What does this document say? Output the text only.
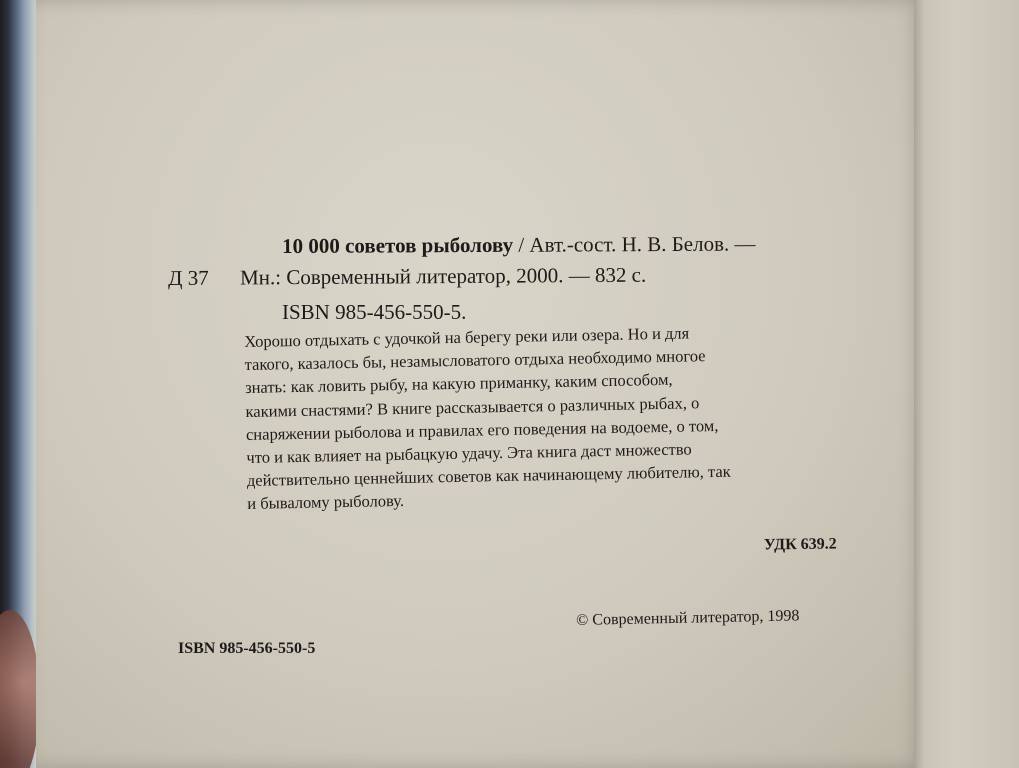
10 000 советов рыболову / Авт.-сост. Н. В. Белов. —
Д 37 Мн.: Современный литератор, 2000. — 832 с.
ISBN 985-456-550-5.
Хорошо отдыхать с удочкой на берегу реки или озера. Но и для
такого, казалось бы, незамысловатого отдыха необходимо многое
знать: как ловить рыбу, на какую приманку, каким способом,
какими снастями? В книге рассказывается о различных рыбах, о
снаряжении рыболова и правилах его поведения на водоеме, о том,
что и как влияет на рыбацкую удачу. Эта книга даст множество
действительно ценнейших советов как начинающему любителю, так
и бывалому рыболову.
УДК 639.2
© Современный литератор, 1998
ISBN 985-456-550-5
